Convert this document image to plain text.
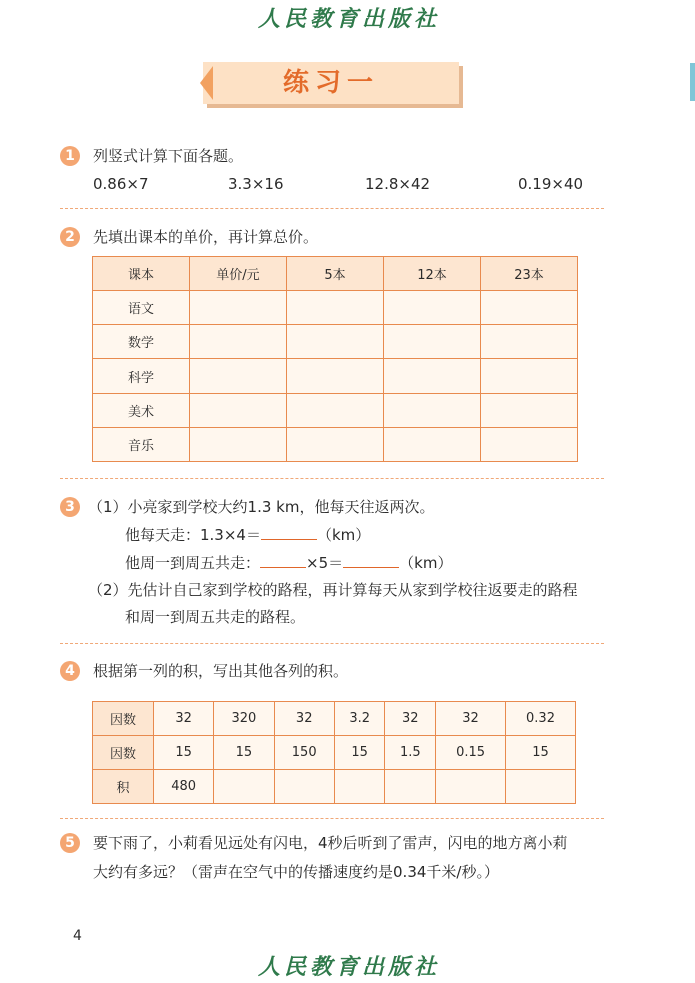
人民教育出版社
练习一
1	列竖式计算下面各题。
0.86×7	3.3×16	12.8×42	0.19×40
2	先填出课本的单价，再计算总价。
课本	单价/元	5本	12本	23本
语文				
数学				
科学				
美术				
音乐				
3 （1）小亮家到学校大约1.3 km，他每天往返两次。
他每天走：1.3×4＝	（km）
他周一到周五共走：	×5＝	（km）
（2）先估计自己家到学校的路程，再计算每天从家到学校往返要走的路程
和周一到周五共走的路程。
4	根据第一列的积，写出其他各列的积。
因数	32	320	32	3.2	32	32	0.32
因数	15	15	150	15	1.5	0.15	15
积	480						
5	要下雨了，小莉看见远处有闪电，4秒后听到了雷声，闪电的地方离小莉
大约有多远？（雷声在空气中的传播速度约是0.34千米/秒。）
4
人民教育出版社
